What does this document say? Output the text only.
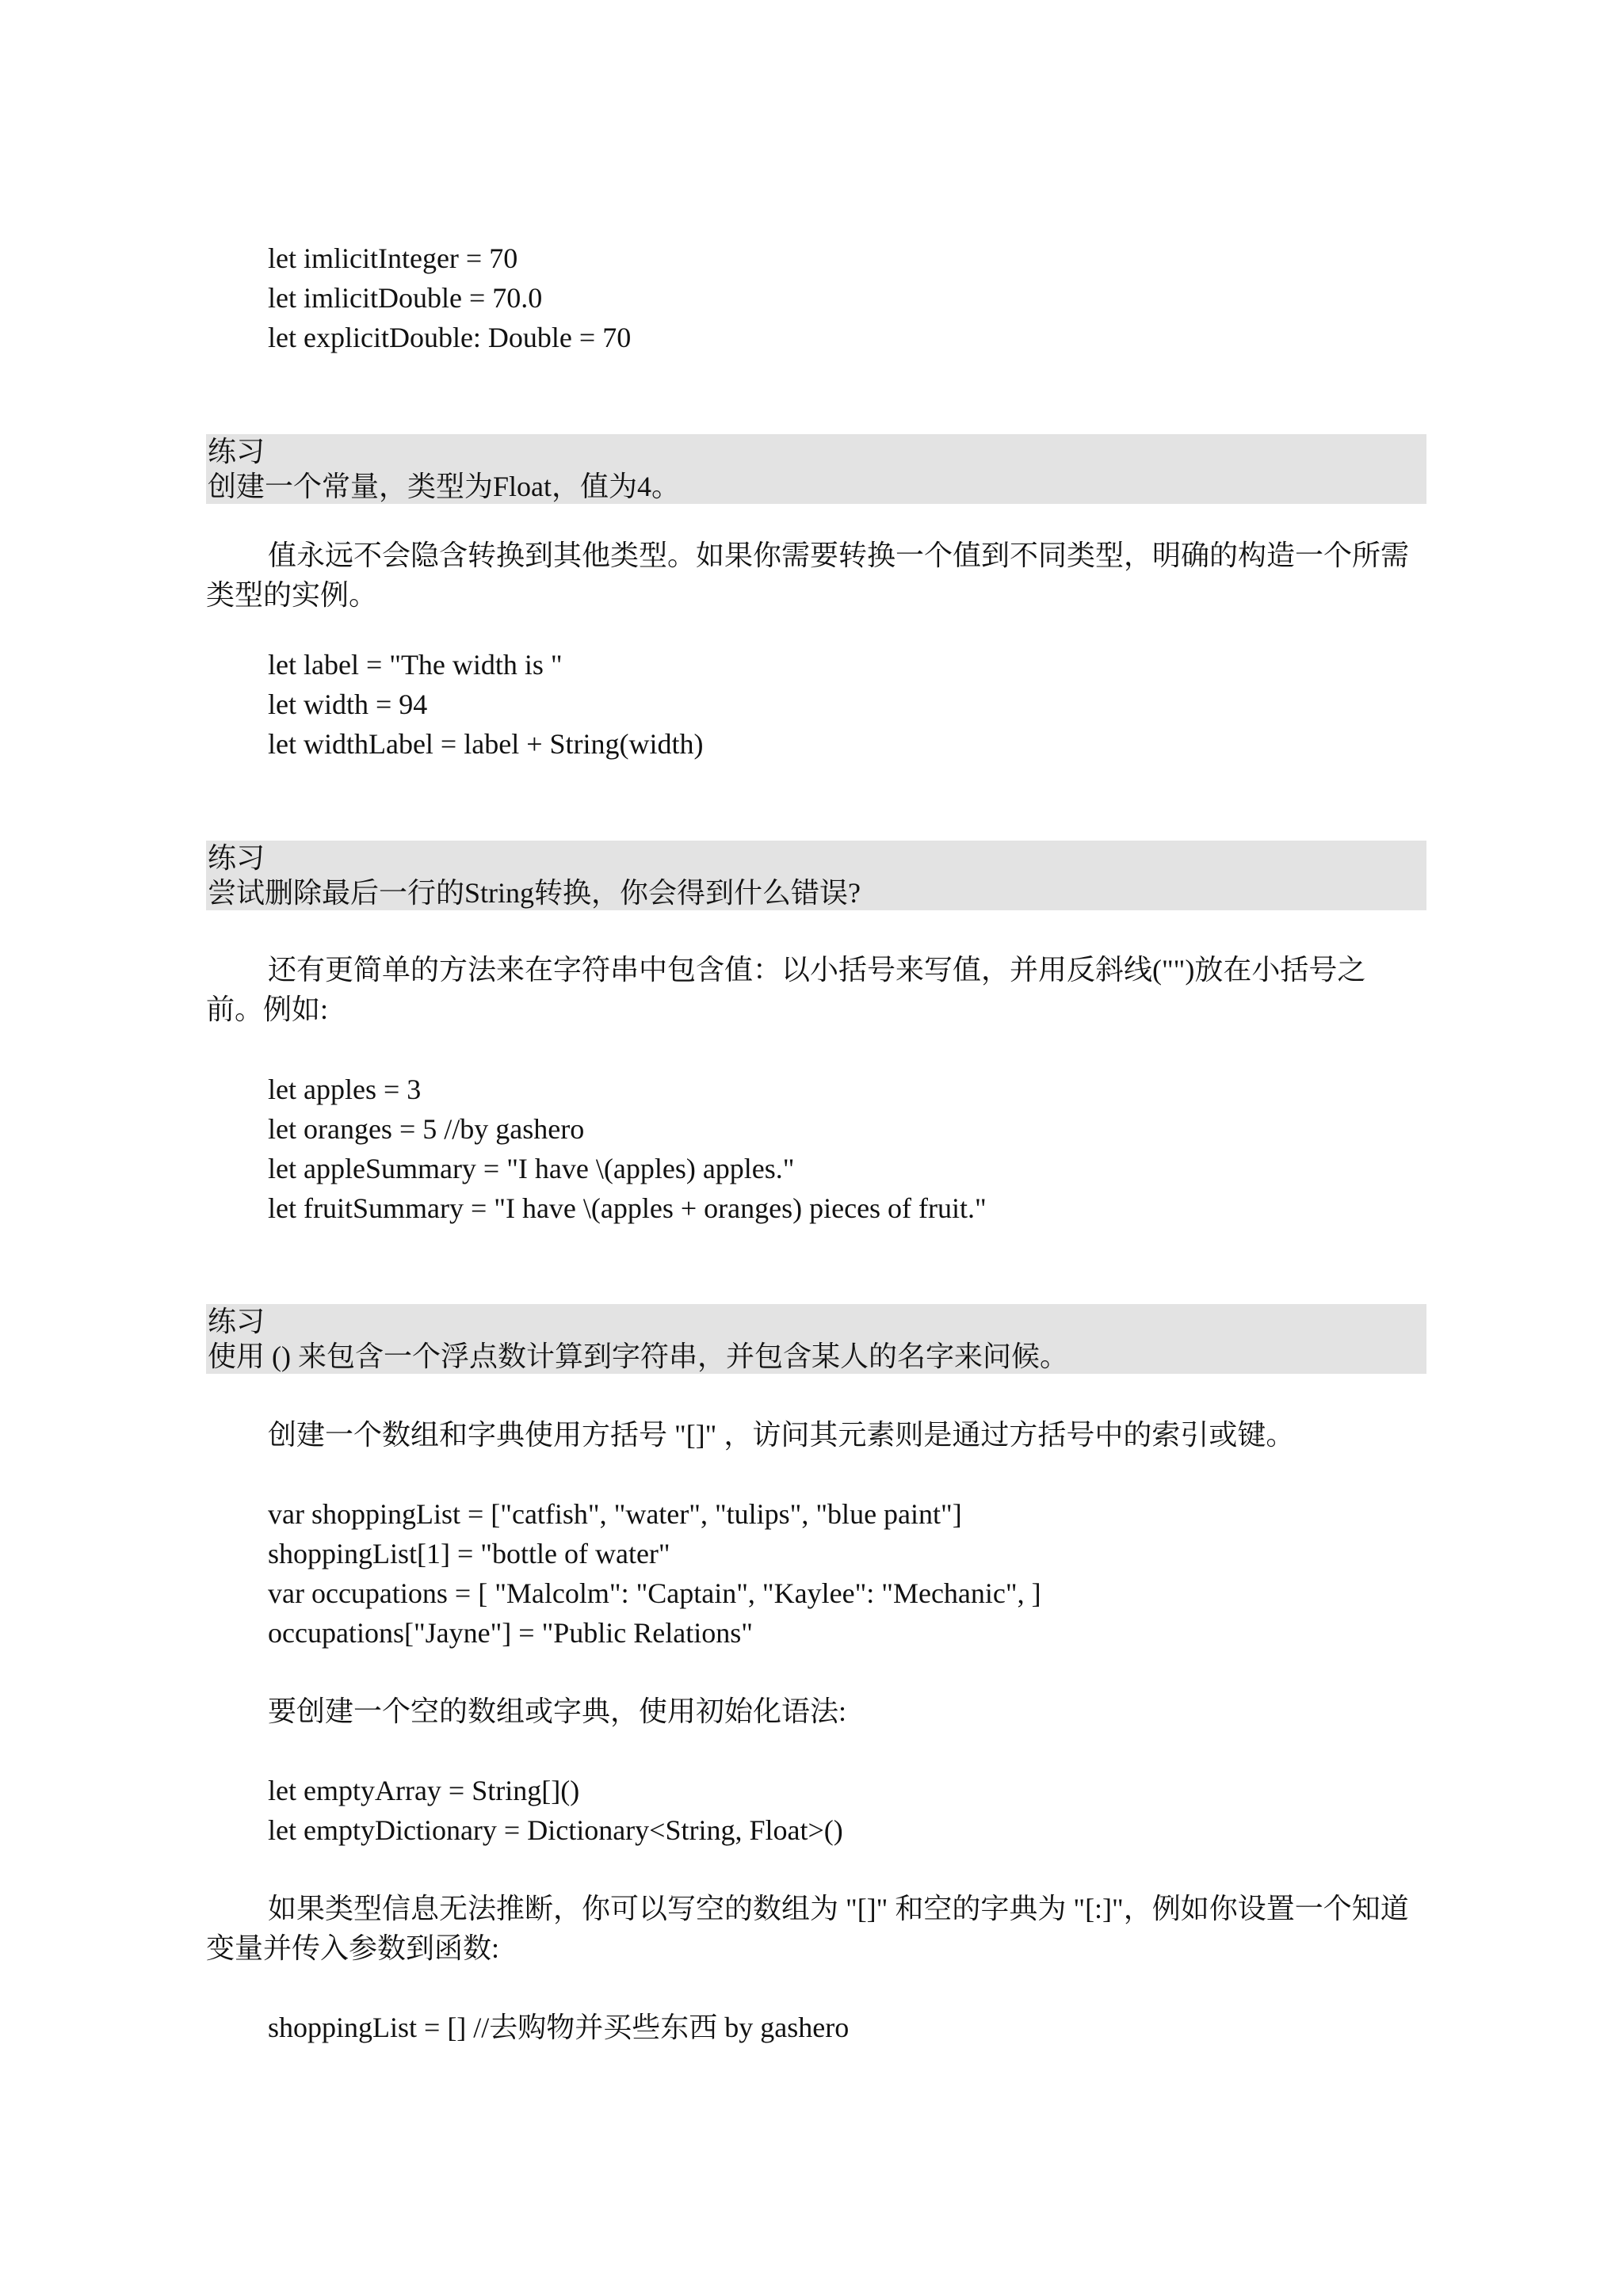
let imlicitInteger = 70
let imlicitDouble = 70.0
let explicitDouble: Double = 70
练习
创建一个常量，类型为Float，值为4。

值永远不会隐含转换到其他类型。如果你需要转换一个值到不同类型，明确的构造一个所需类型的实例。

let label = "The width is "
let width = 94
let widthLabel = label + String(width)
练习
尝试删除最后一行的String转换，你会得到什么错误?

还有更简单的方法来在字符串中包含值：以小括号来写值，并用反斜线("")放在小括号之前。例如:

let apples = 3
let oranges = 5 //by gashero
let appleSummary = "I have \(apples) apples."
let fruitSummary = "I have \(apples + oranges) pieces of fruit."
练习
使用 () 来包含一个浮点数计算到字符串，并包含某人的名字来问候。

创建一个数组和字典使用方括号 "[]" ，访问其元素则是通过方括号中的索引或键。

var shoppingList = ["catfish", "water", "tulips", "blue paint"]
shoppingList[1] = "bottle of water"
var occupations = [ "Malcolm": "Captain", "Kaylee": "Mechanic", ]
occupations["Jayne"] = "Public Relations"

要创建一个空的数组或字典，使用初始化语法:

let emptyArray = String[]()
let emptyDictionary = Dictionary<String, Float>()

如果类型信息无法推断，你可以写空的数组为 "[]" 和空的字典为 "[:]"，例如你设置一个知道变量并传入参数到函数:

shoppingList = [] //去购物并买些东西 by gashero
